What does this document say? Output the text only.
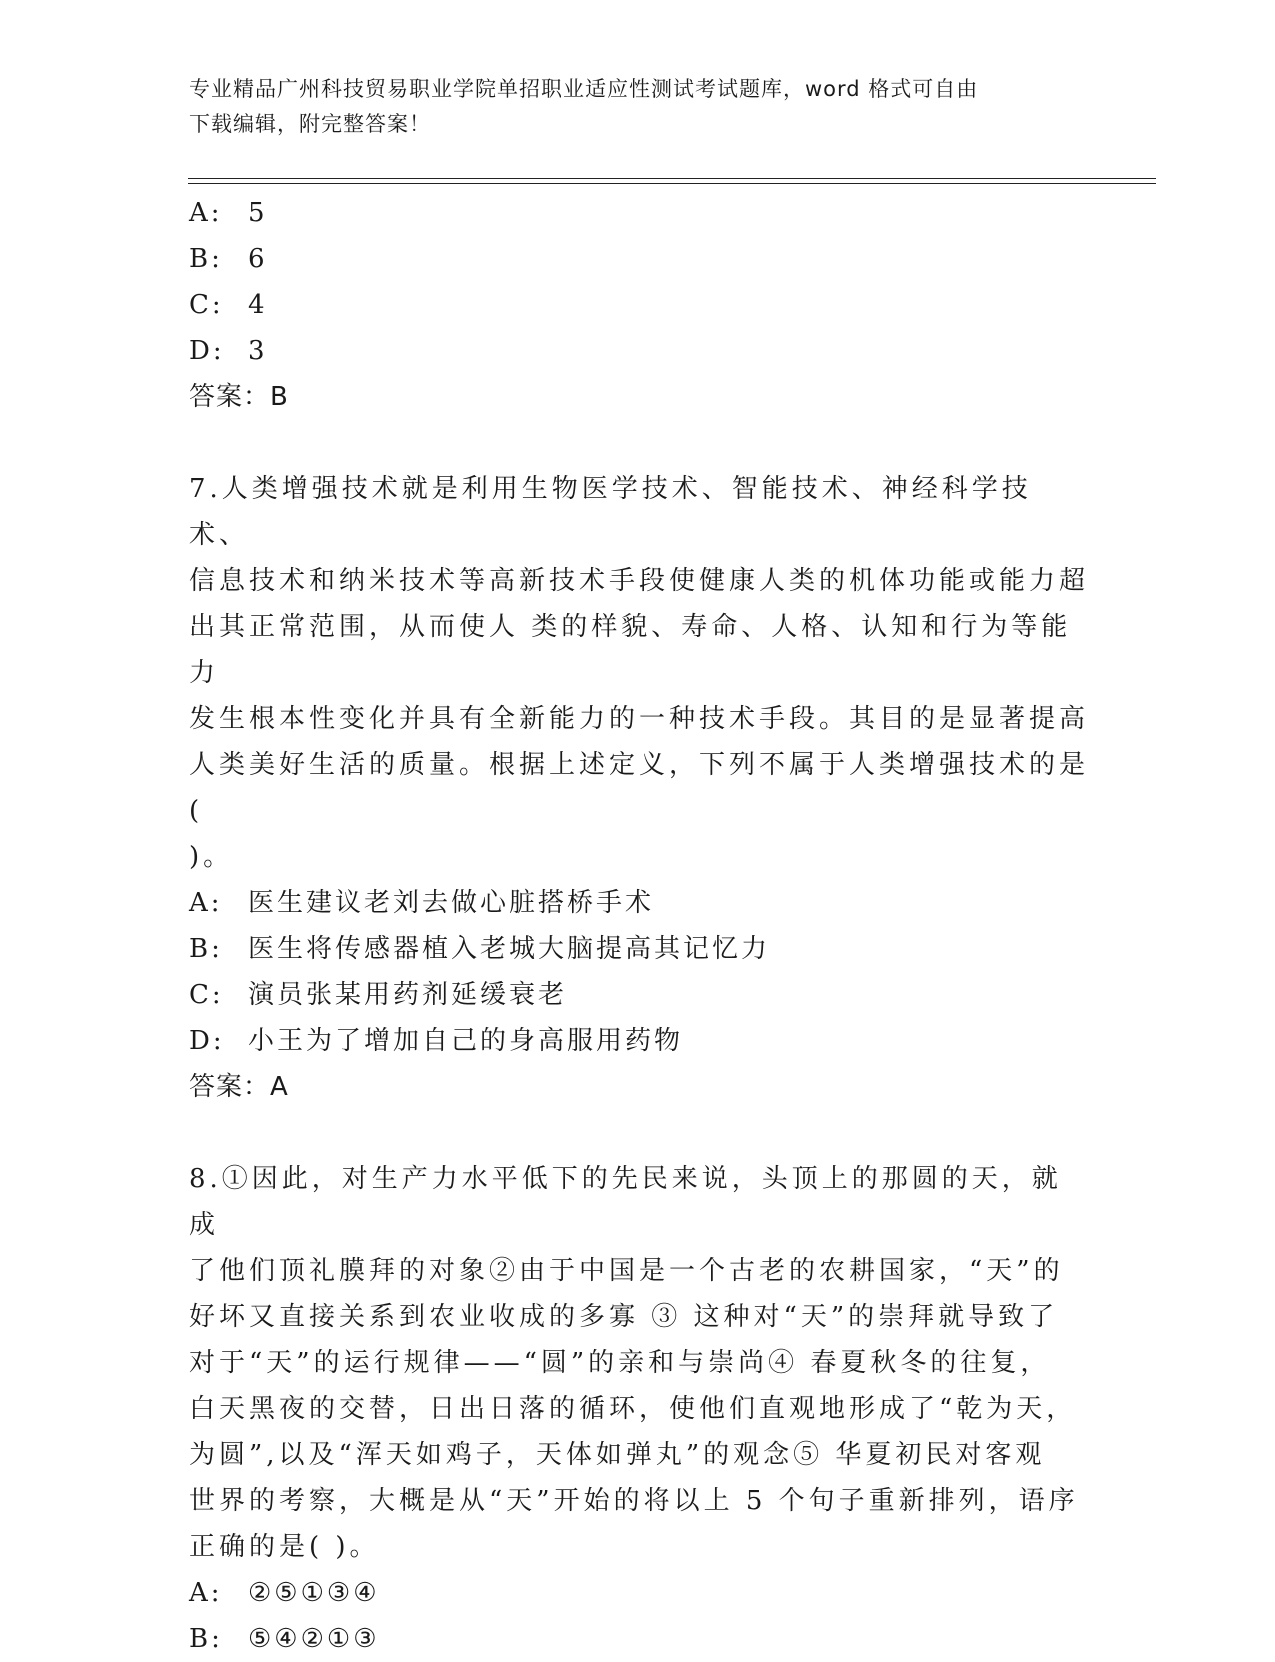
专业精品广州科技贸易职业学院单招职业适应性测试考试题库，word 格式可自由
下载编辑，附完整答案！
A: 5
B: 6
C: 4
D: 3
答案：B
7.人类增强技术就是利用生物医学技术、智能技术、神经科学技术、
信息技术和纳米技术等高新技术手段使健康人类的机体功能或能力超
出其正常范围，从而使人 类的样貌、寿命、人格、认知和行为等能力
发生根本性变化并具有全新能力的一种技术手段。其目的是显著提高
人类美好生活的质量。根据上述定义，下列不属于人类增强技术的是(
)。
A: 医生建议老刘去做心脏搭桥手术
B: 医生将传感器植入老城大脑提高其记忆力
C: 演员张某用药剂延缓衰老
D: 小王为了增加自己的身高服用药物
答案：A
8.①因此，对生产力水平低下的先民来说，头顶上的那圆的天，就成
了他们顶礼膜拜的对象②由于中国是一个古老的农耕国家，“天”的
好坏又直接关系到农业收成的多寡 ③ 这种对“天”的崇拜就导致了
对于“天”的运行规律——“圆”的亲和与崇尚④ 春夏秋冬的往复，
白天黑夜的交替，日出日落的循环，使他们直观地形成了“乾为天，
为圆”,以及“浑天如鸡子，天体如弹丸”的观念⑤ 华夏初民对客观
世界的考察，大概是从“天”开始的将以上 5 个句子重新排列，语序
正确的是( )。
A: ②⑤①③④
B: ⑤④②①③
